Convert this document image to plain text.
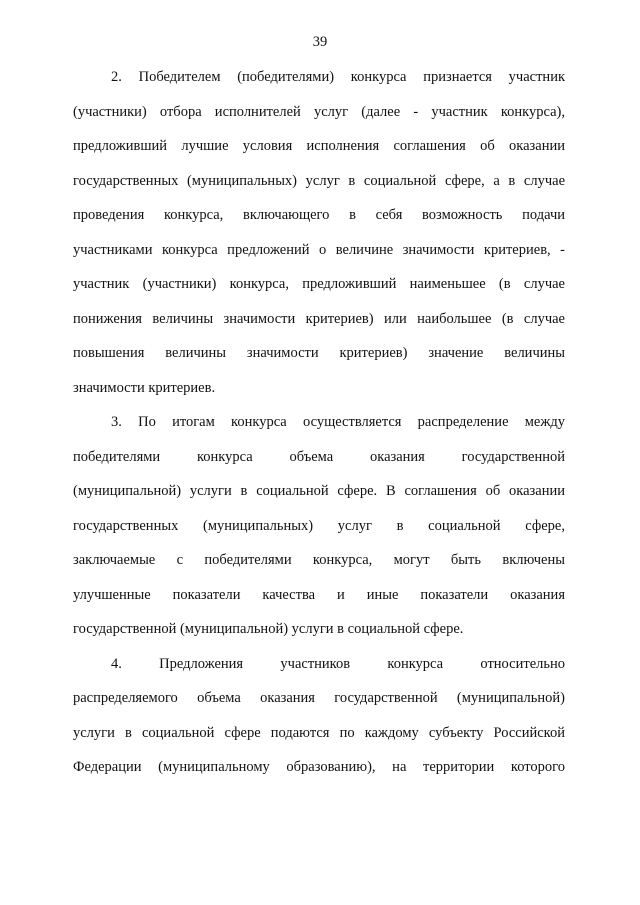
39
2. Победителем (победителями) конкурса признается участник
(участники) отбора исполнителей услуг (далее - участник конкурса),
предложивший лучшие условия исполнения соглашения об оказании
государственных (муниципальных) услуг в социальной сфере, а в случае
проведения конкурса, включающего в себя возможность подачи
участниками конкурса предложений о величине значимости критериев, -
участник (участники) конкурса, предложивший наименьшее (в случае
понижения величины значимости критериев) или наибольшее (в случае
повышения величины значимости критериев) значение величины
значимости критериев.
3. По итогам конкурса осуществляется распределение между
победителями конкурса объема оказания государственной
(муниципальной) услуги в социальной сфере. В соглашения об оказании
государственных (муниципальных) услуг в социальной сфере,
заключаемые с победителями конкурса, могут быть включены
улучшенные показатели качества и иные показатели оказания
государственной (муниципальной) услуги в социальной сфере.
4. Предложения участников конкурса относительно
распределяемого объема оказания государственной (муниципальной)
услуги в социальной сфере подаются по каждому субъекту Российской
Федерации (муниципальному образованию), на территории которого
